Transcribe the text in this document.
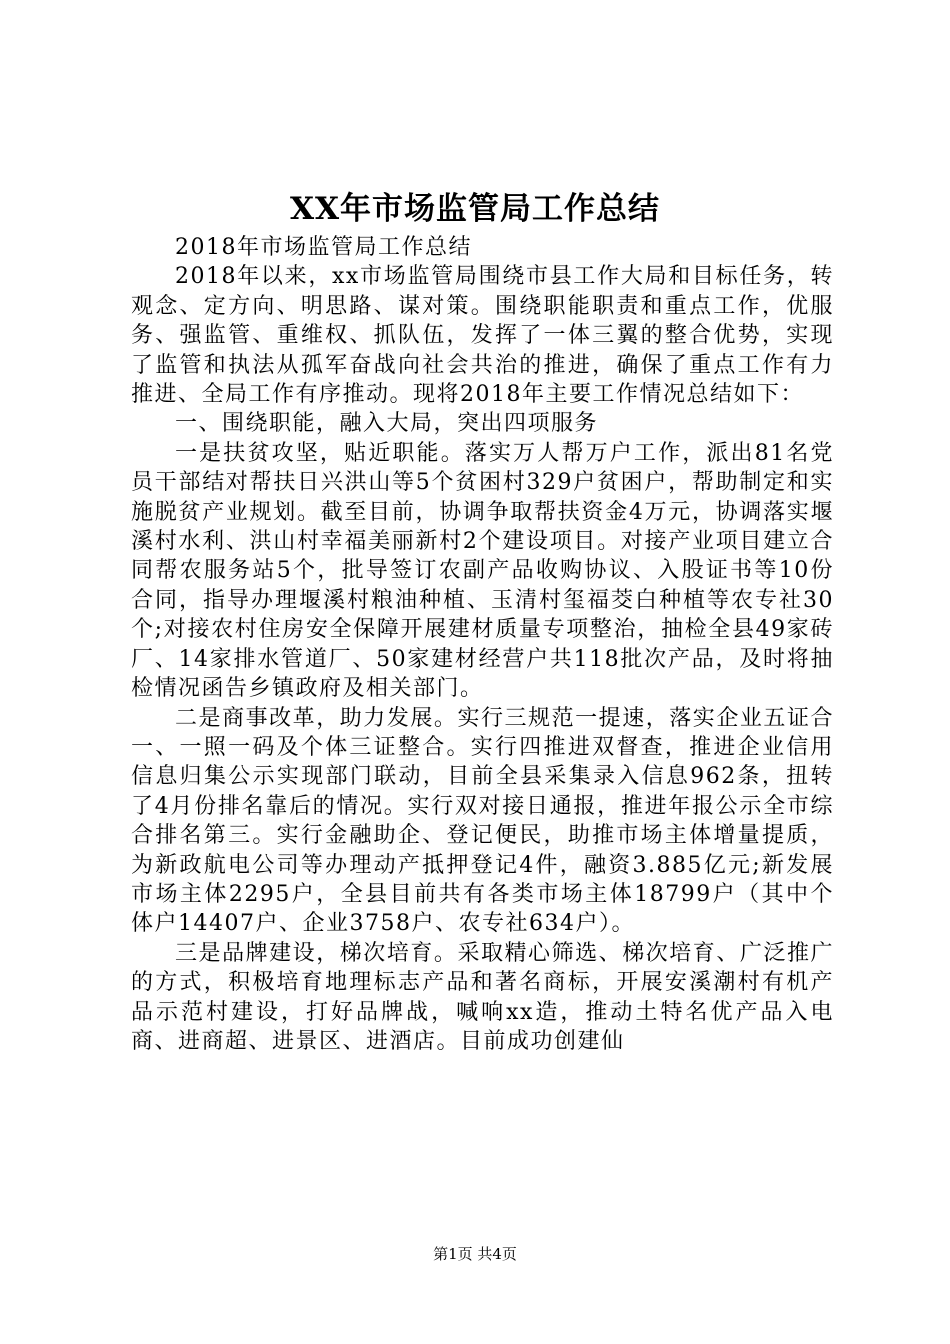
XX年市场监管局工作总结

2018年市场监管局工作总结

2018年以来，xx市场监管局围绕市县工作大局和目标任务，转观念、定方向、明思路、谋对策。围绕职能职责和重点工作，优服务、强监管、重维权、抓队伍，发挥了一体三翼的整合优势，实现了监管和执法从孤军奋战向社会共治的推进，确保了重点工作有力推进、全局工作有序推动。现将2018年主要工作情况总结如下：

一、围绕职能，融入大局，突出四项服务

一是扶贫攻坚，贴近职能。落实万人帮万户工作，派出81名党员干部结对帮扶日兴洪山等5个贫困村329户贫困户，帮助制定和实施脱贫产业规划。截至目前，协调争取帮扶资金4万元，协调落实堰溪村水利、洪山村幸福美丽新村2个建设项目。对接产业项目建立合同帮农服务站5个，批导签订农副产品收购协议、入股证书等10份合同，指导办理堰溪村粮油种植、玉清村玺福茭白种植等农专社30个;对接农村住房安全保障开展建材质量专项整治，抽检全县49家砖厂、14家排水管道厂、50家建材经营户共118批次产品，及时将抽检情况函告乡镇政府及相关部门。

二是商事改革，助力发展。实行三规范一提速，落实企业五证合一、一照一码及个体三证整合。实行四推进双督查，推进企业信用信息归集公示实现部门联动，目前全县采集录入信息962条，扭转了4月份排名靠后的情况。实行双对接日通报，推进年报公示全市综合排名第三。实行金融助企、登记便民，助推市场主体增量提质，为新政航电公司等办理动产抵押登记4件，融资3.885亿元;新发展市场主体2295户，全县目前共有各类市场主体18799户（其中个体户14407户、企业3758户、农专社634户）。

三是品牌建设，梯次培育。采取精心筛选、梯次培育、广泛推广的方式，积极培育地理标志产品和著名商标，开展安溪潮村有机产品示范村建设，打好品牌战，喊响xx造，推动土特名优产品入电商、进商超、进景区、进酒店。目前成功创建仙

第1页 共4页
